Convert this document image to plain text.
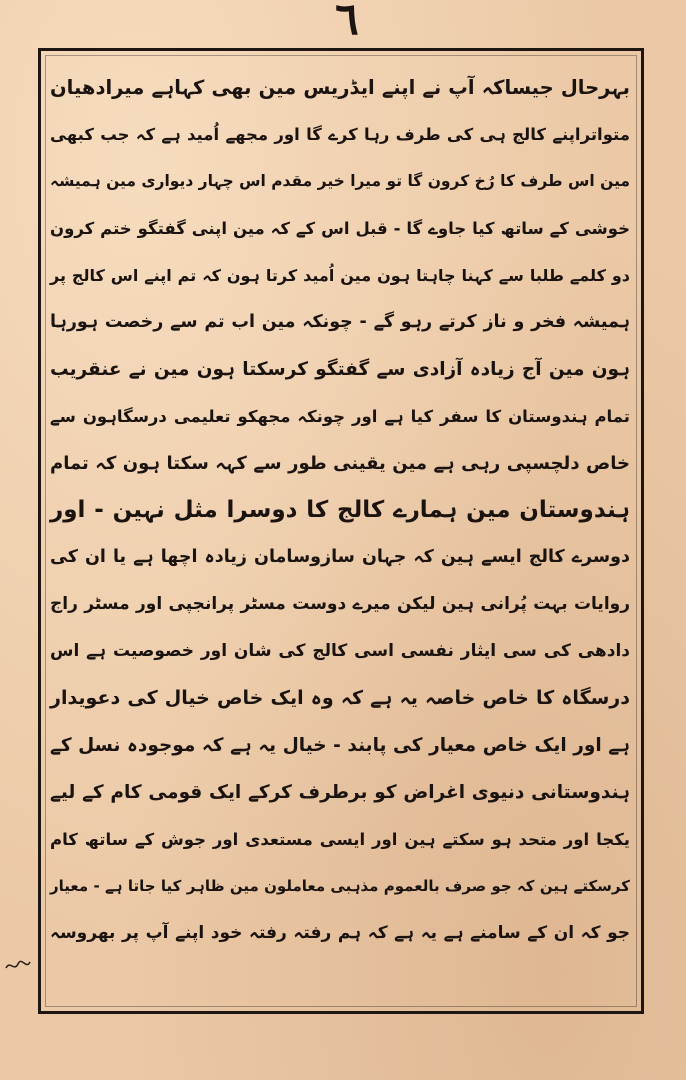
٦
بہرحال جیساکہ آپ نے اپنے ایڈریس مین بھی کہاہے میرادھیان
متواتراپنے کالج ہی کی طرف رہا کرے گا اور مجھے اُمید ہے کہ جب کبھی
مین اس طرف کا رُخ کرون گا تو میرا خیر مقدم اس چہار دیواری مین ہمیشہ
خوشی کے ساتھ کیا جاوے گا - قبل اس کے کہ مین اپنی گفتگو ختم کرون
دو کلمے طلبا سے کہنا چاہتا ہون مین اُمید کرتا ہون کہ تم اپنے اس کالج پر
ہمیشہ فخر و ناز کرتے رہو گے - چونکہ مین اب تم سے رخصت ہورہا
ہون مین آج زیادہ آزادی سے گفتگو کرسکتا ہون مین نے عنقریب
تمام ہندوستان کا سفر کیا ہے اور چونکہ مجھکو تعلیمی درسگاہون سے
خاص دلچسپی رہی ہے مین یقینی طور سے کہہ سکتا ہون کہ تمام
ہندوستان مین ہمارے کالج کا دوسرا مثل نہین - اور
دوسرے کالج ایسے ہین کہ جہان سازوسامان زیادہ اچھا ہے یا ان کی
روایات بہت پُرانی ہین لیکن میرے دوست مسٹر پرانجپی اور مسٹر راج
دادھی کی سی ایثار نفسی اسی کالج کی شان اور خصوصیت ہے اس
درسگاہ کا خاص خاصہ یہ ہے کہ وہ ایک خاص خیال کی دعویدار
ہے اور ایک خاص معیار کی پابند - خیال یہ ہے کہ موجودہ نسل کے
ہندوستانی دنیوی اغراض کو برطرف کرکے ایک قومی کام کے لیے
یکجا اور متحد ہو سکتے ہین اور ایسی مستعدی اور جوش کے ساتھ کام
کرسکتے ہین کہ جو صرف بالعموم مذہبی معاملون مین ظاہر کیا جاتا ہے - معیار
جو کہ ان کے سامنے ہے یہ ہے کہ ہم رفتہ رفتہ خود اپنے آپ پر بھروسہ
